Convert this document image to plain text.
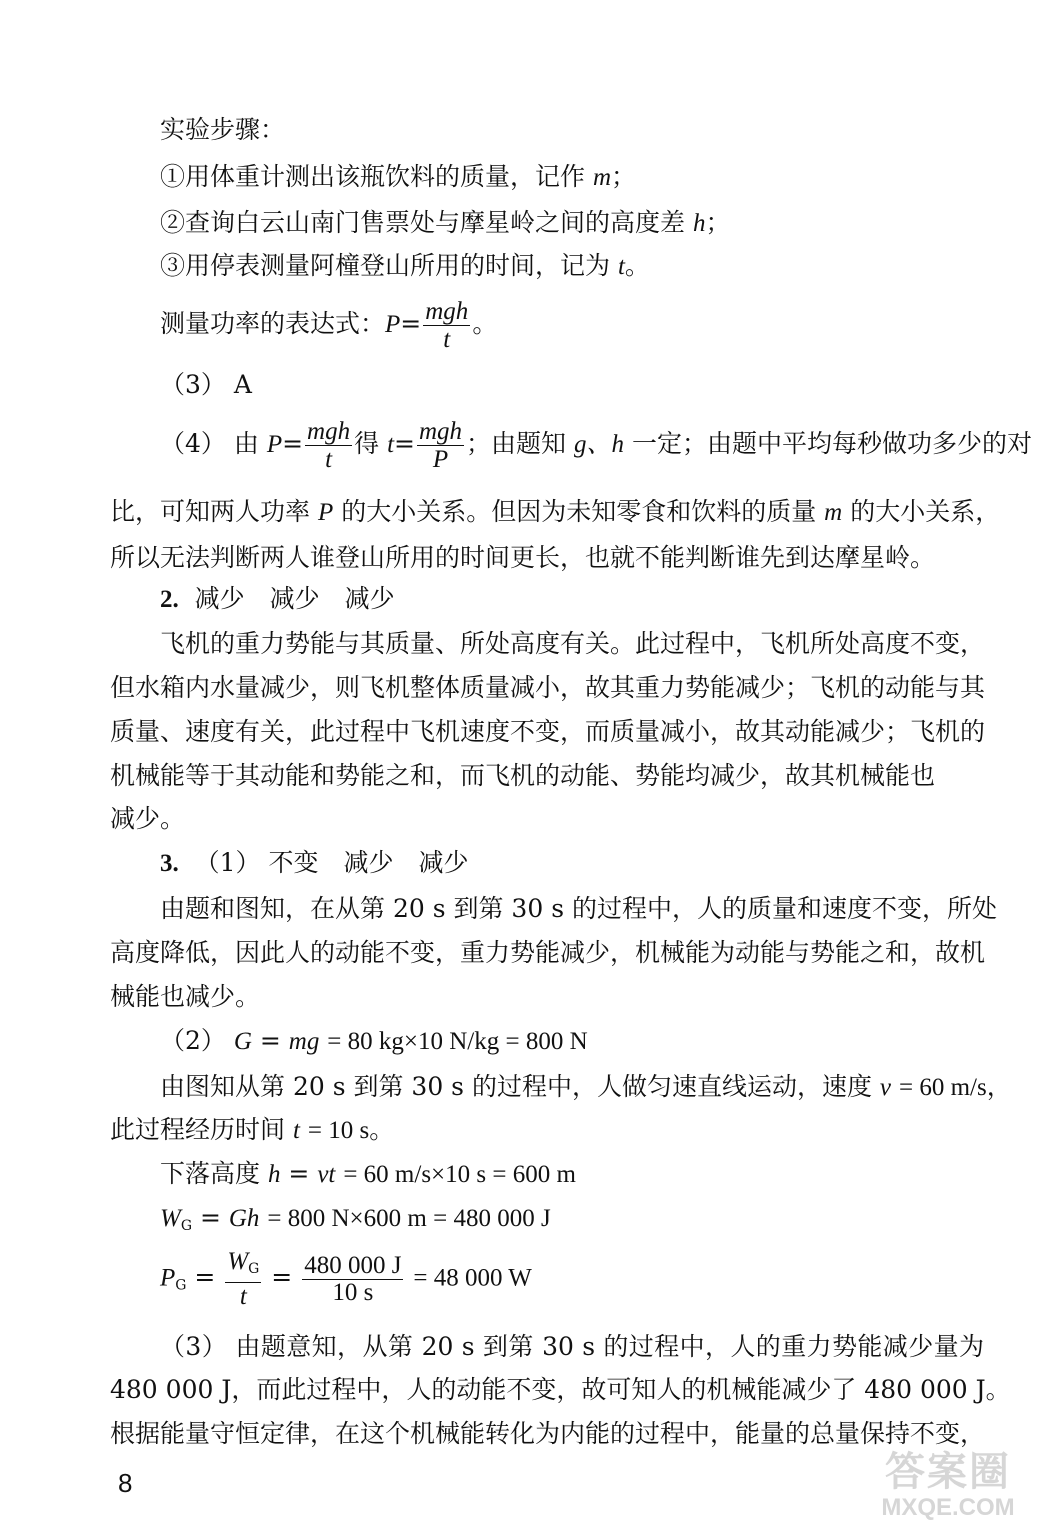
实验步骤：
①用体重计测出该瓶饮料的质量，记作 m；
②查询白云山南门售票处与摩星岭之间的高度差 h；
③用停表测量阿橦登山所用的时间，记为 t。
测量功率的表达式：$P= \frac{\text{mgh}}{t}$ 。
（3） A
（4） 由 $P= \frac{\text{mgh}}{t}$ 得 $t= \frac{\text{mgh}}{P}$ ；由题知 g、h 一定；由题中平均每秒做功多少的对
比，可知两人功率 P 的大小关系。但因为未知零食和饮料的质量 m 的大小关系，
所以无法判断两人谁登山所用的时间更长，也就不能判断谁先到达摩星岭。
2. 减少　减少　减少
飞机的重力势能与其质量、所处高度有关。此过程中，飞机所处高度不变，
但水箱内水量减少，则飞机整体质量减小，故其重力势能减少；飞机的动能与其
质量、速度有关，此过程中飞机速度不变，而质量减小，故其动能减少；飞机的
机械能等于其动能和势能之和，而飞机的动能、势能均减少，故其机械能也
减少。
3. （1） 不变　减少　减少
由题和图知，在从第 20 s 到第 30 s 的过程中，人的质量和速度不变，所处
高度降低，因此人的动能不变，重力势能减少，机械能为动能与势能之和，故机
械能也减少。
（2） G = mg = 80 kg×10 N/kg = 800 N
由图知从第 20 s 到第 30 s 的过程中，人做匀速直线运动，速度 v = 60 m/s，
此过程经历时间 t = 10 s。
下落高度 h = vt = 60 m/s×10 s = 600 m
$W_G = Gh = 800$ N×600 m = 480 000 J
$P_G = \frac{W_G}{t} = \frac{480 000 J}{10 s} = 48$ 000 W
（3） 由题意知，从第 20 s 到第 30 s 的过程中，人的重力势能减少量为
480 000 J，而此过程中，人的动能不变，故可知人的机械能减少了 480 000 J。
根据能量守恒定律，在这个机械能转化为内能的过程中，能量的总量保持不变，
8	答案圈
MXQE.COM
